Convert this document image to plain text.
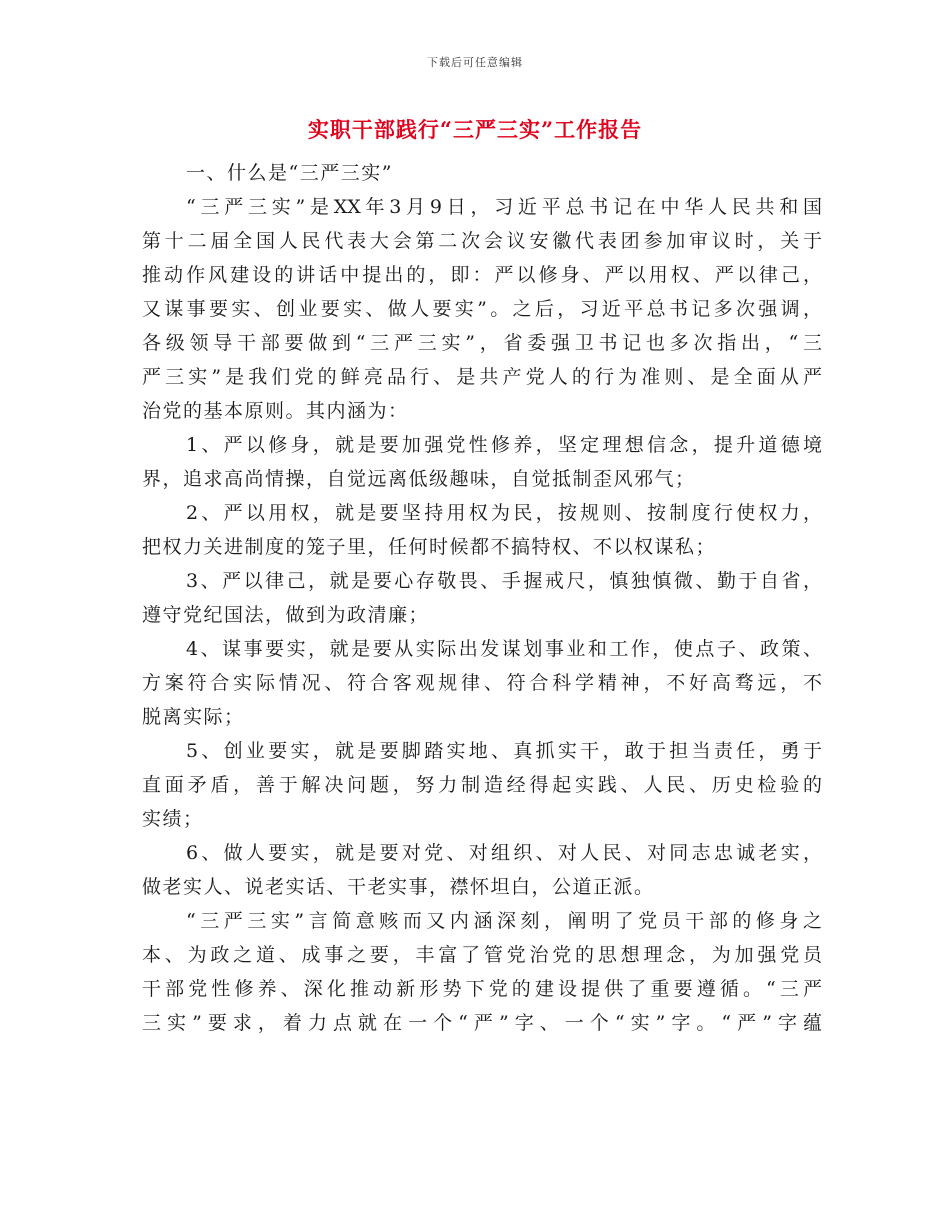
下载后可任意编辑
实职干部践行“三严三实”工作报告
一、什么是“三严三实”
“三严三实”是XX年3月9日，习近平总书记在中华人民共和国
第十二届全国人民代表大会第二次会议安徽代表团参加审议时，关于
推动作风建设的讲话中提出的，即：严以修身、严以用权、严以律己，
又谋事要实、创业要实、做人要实”。之后，习近平总书记多次强调，
各级领导干部要做到“三严三实”，省委强卫书记也多次指出，“三
严三实”是我们党的鲜亮品行、是共产党人的行为准则、是全面从严
治党的基本原则。其内涵为：
1、严以修身，就是要加强党性修养，坚定理想信念，提升道德境
界，追求高尚情操，自觉远离低级趣味，自觉抵制歪风邪气；
2、严以用权，就是要坚持用权为民，按规则、按制度行使权力，
把权力关进制度的笼子里，任何时候都不搞特权、不以权谋私；
3、严以律己，就是要心存敬畏、手握戒尺，慎独慎微、勤于自省，
遵守党纪国法，做到为政清廉；
4、谋事要实，就是要从实际出发谋划事业和工作，使点子、政策、
方案符合实际情况、符合客观规律、符合科学精神，不好高骛远，不
脱离实际；
5、创业要实，就是要脚踏实地、真抓实干，敢于担当责任，勇于
直面矛盾，善于解决问题，努力制造经得起实践、人民、历史检验的
实绩；
6、做人要实，就是要对党、对组织、对人民、对同志忠诚老实，
做老实人、说老实话、干老实事，襟怀坦白，公道正派。
“三严三实”言简意赅而又内涵深刻，阐明了党员干部的修身之
本、为政之道、成事之要，丰富了管党治党的思想理念，为加强党员
干部党性修养、深化推动新形势下党的建设提供了重要遵循。“三严
三实”要求，着力点就在一个“严”字、一个“实”字。“严”字蕴
